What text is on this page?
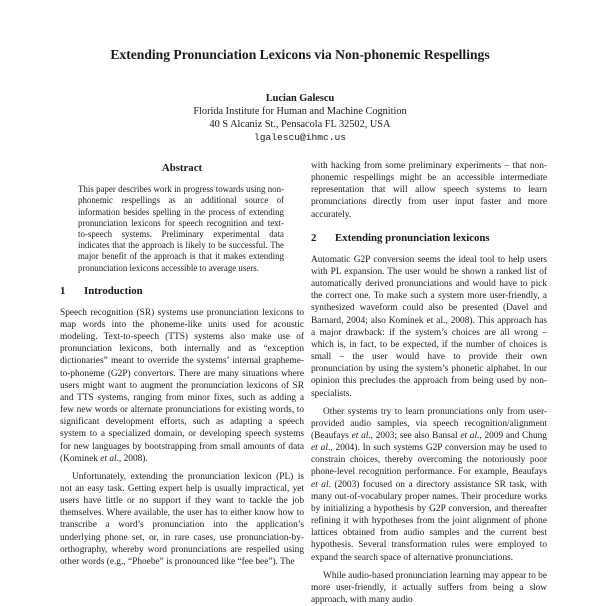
Extending Pronunciation Lexicons via Non-phonemic Respellings
Lucian Galescu
Florida Institute for Human and Machine Cognition
40 S Alcaniz St., Pensacola FL 32502, USA
lgalescu@ihmc.us
Abstract
This paper describes work in progress towards using non-phonemic respellings as an additional source of information besides spelling in the process of extending pronunciation lexicons for speech recognition and text-to-speech systems. Preliminary experimental data indicates that the approach is likely to be successful. The major benefit of the approach is that it makes extending pronunciation lexicons accessible to average users.
1 Introduction

Speech recognition (SR) systems use pronunciation lexicons to map words into the phoneme-like units used for acoustic modeling. Text-to-speech (TTS) systems also make use of pronunciation lexicons, both internally and as “exception dictionaries” meant to override the systems’ internal grapheme-to-phoneme (G2P) convertors. There are many situations where users might want to augment the pronunciation lexicons of SR and TTS systems, ranging from minor fixes, such as adding a few new words or alternate pronunciations for existing words, to significant development efforts, such as adapting a speech system to a specialized domain, or developing speech systems for new languages by bootstrapping from small amounts of data (Kominek et al., 2008).

Unfortunately, extending the pronunciation lexicon (PL) is not an easy task. Getting expert help is usually impractical, yet users have little or no support if they want to tackle the job themselves. Where available, the user has to either know how to transcribe a word’s pronunciation into the application’s underlying phone set, or, in rare cases, use pronunciation-by-orthography, whereby word pronunciations are respelled using other words (e.g., “Phoebe” is pronounced like “fee bee”). The

with hacking from some preliminary experiments – that non-phonemic respellings might be an accessible intermediate representation that will allow speech systems to learn pronunciations directly from user input faster and more accurately.

2 Extending pronunciation lexicons

Automatic G2P conversion seems the ideal tool to help users with PL expansion. The user would be shown a ranked list of automatically derived pronunciations and would have to pick the correct one. To make such a system more user-friendly, a synthesized waveform could also be presented (Davel and Barnard, 2004; also Kominek et al., 2008). This approach has a major drawback: if the system’s choices are all wrong – which is, in fact, to be expected, if the number of choices is small – the user would have to provide their own pronunciation by using the system’s phonetic alphabet. In our opinion this precludes the approach from being used by non-specialists.

Other systems try to learn pronunciations only from user-provided audio samples, via speech recognition/alignment (Beaufays et al., 2003; see also Bansal et al., 2009 and Chung et al., 2004). In such systems G2P conversion may be used to constrain choices, thereby overcoming the notoriously poor phone-level recognition performance. For example, Beaufays et al. (2003) focused on a directory assistance SR task, with many out-of-vocabulary proper names. Their procedure works by initializing a hypothesis by G2P conversion, and thereafter refining it with hypotheses from the joint alignment of phone lattices obtained from audio samples and the current best hypothesis. Several transformation rules were employed to expand the search space of alternative pronunciations.

While audio-based pronunciation learning may appear to be more user-friendly, it actually suffers from being a slow approach, with many audio
